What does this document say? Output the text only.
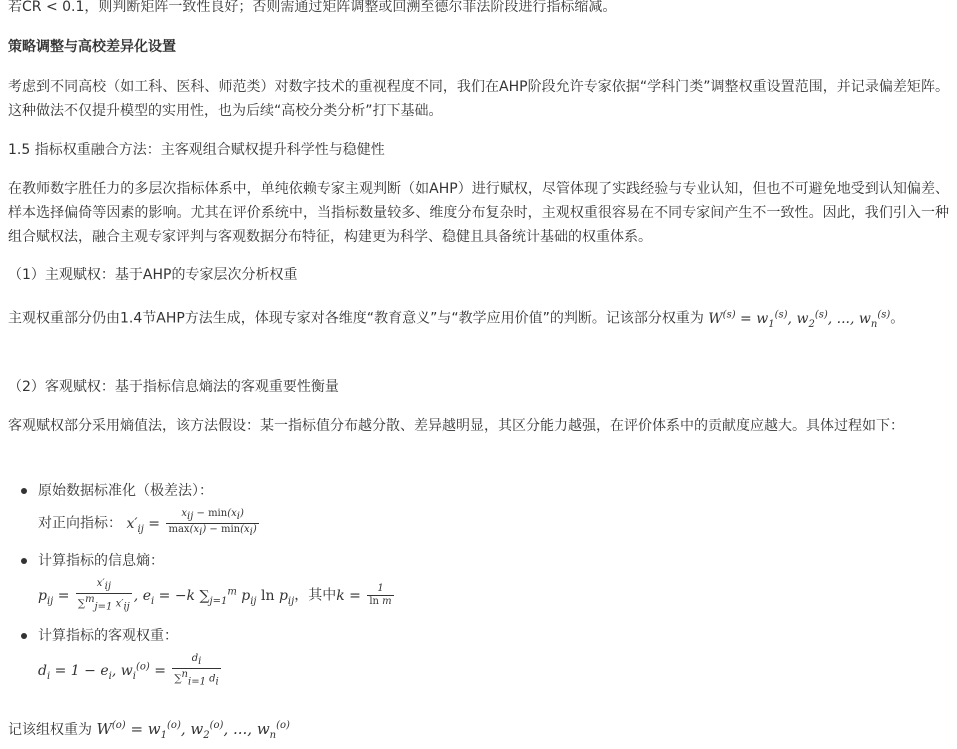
若CR < 0.1，则判断矩阵一致性良好；否则需通过矩阵调整或回溯至德尔菲法阶段进行指标缩减。
策略调整与高校差异化设置
考虑到不同高校（如工科、医科、师范类）对数字技术的重视程度不同，我们在AHP阶段允许专家依据“学科门类”调整权重设置范围，并记录偏差矩阵。这种做法不仅提升模型的实用性，也为后续“高校分类分析”打下基础。
1.5 指标权重融合方法：主客观组合赋权提升科学性与稳健性
在教师数字胜任力的多层次指标体系中，单纯依赖专家主观判断（如AHP）进行赋权，尽管体现了实践经验与专业认知，但也不可避免地受到认知偏差、样本选择偏倚等因素的影响。尤其在评价系统中，当指标数量较多、维度分布复杂时，主观权重很容易在不同专家间产生不一致性。因此，我们引入一种组合赋权法，融合主观专家评判与客观数据分布特征，构建更为科学、稳健且具备统计基础的权重体系。
（1）主观赋权：基于AHP的专家层次分析权重
主观权重部分仍由1.4节AHP方法生成，体现专家对各维度“教育意义”与“教学应用价值”的判断。记该部分权重为 $W^{(s)} = w_1^{(s)}$, $w_2^{(s)}$, ..., $w_n^{(s)}$。
（2）客观赋权：基于指标信息熵法的客观重要性衡量
客观赋权部分采用熵值法，该方法假设：某一指标值分布越分散、差异越明显，其区分能力越强，在评价体系中的贡献度应越大。具体过程如下：
原始数据标准化（极差法）：
对正向指标： $x'_{ij} = \frac{x_{ij} - \min(x_i)}{\max(x_i) - \min(x_i)}$
计算指标的信息熵：
$p_{ij} = \frac{x'_{ij}}{\sum^m_{j=1} x'_{ij}}$ , $e_i = -k$ $\sum_{j=1}^m$ $p_{ij}$ $\ln p_{ij}$，其中$k = \frac{1}{\text{ln m}}$
计算指标的客观权重：
$d_i = 1 - e_i$, $w_i^{(o)} = \frac{d_i}{\sum^n_{i=1} d_i}$
记该组权重为 $W^{(o)} = w_1^{(o)}$, $w_2^{(o)}$, ..., $w_n^{(o)}$
